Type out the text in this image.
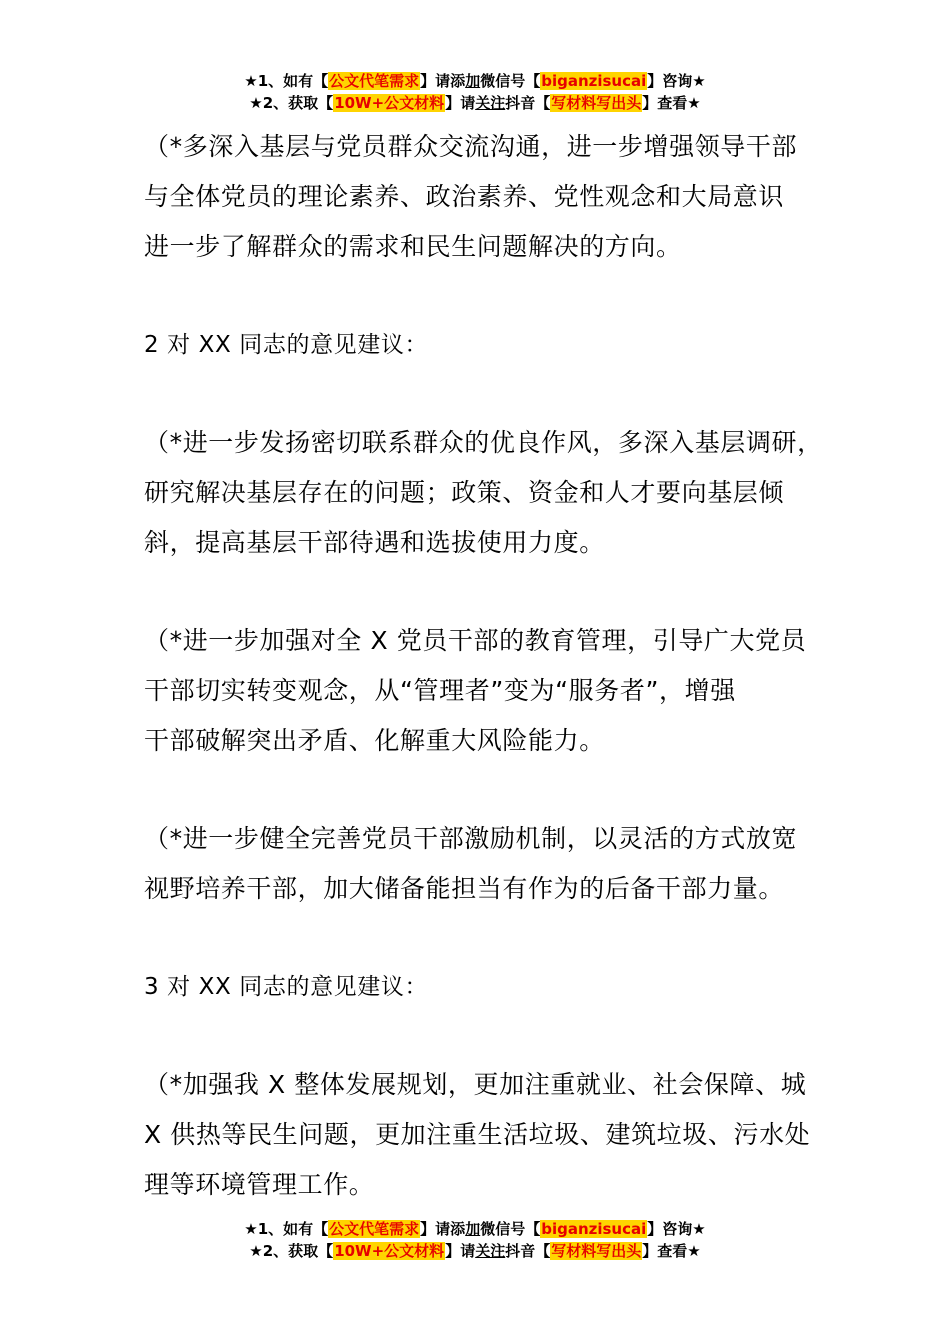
★1、如有【公文代笔需求】请添加微信号【biganzisucai】咨询★
★2、获取【10W+公文材料】请关注抖音【写材料写出头】查看★
（*多深入基层与党员群众交流沟通，进一步增强领导干部
与全体党员的理论素养、政治素养、党性观念和大局意识
进一步了解群众的需求和民生问题解决的方向。
2 对 XX 同志的意见建议：
（*进一步发扬密切联系群众的优良作风，多深入基层调研，
研究解决基层存在的问题；政策、资金和人才要向基层倾
斜，提高基层干部待遇和选拔使用力度。
（*进一步加强对全 X 党员干部的教育管理，引导广大党员
干部切实转变观念，从“管理者”变为“服务者”，增强
干部破解突出矛盾、化解重大风险能力。
（*进一步健全完善党员干部激励机制，以灵活的方式放宽
视野培养干部，加大储备能担当有作为的后备干部力量。
3 对 XX 同志的意见建议：
（*加强我 X 整体发展规划，更加注重就业、社会保障、城
X 供热等民生问题，更加注重生活垃圾、建筑垃圾、污水处
理等环境管理工作。
★1、如有【公文代笔需求】请添加微信号【biganzisucai】咨询★
★2、获取【10W+公文材料】请关注抖音【写材料写出头】查看★
